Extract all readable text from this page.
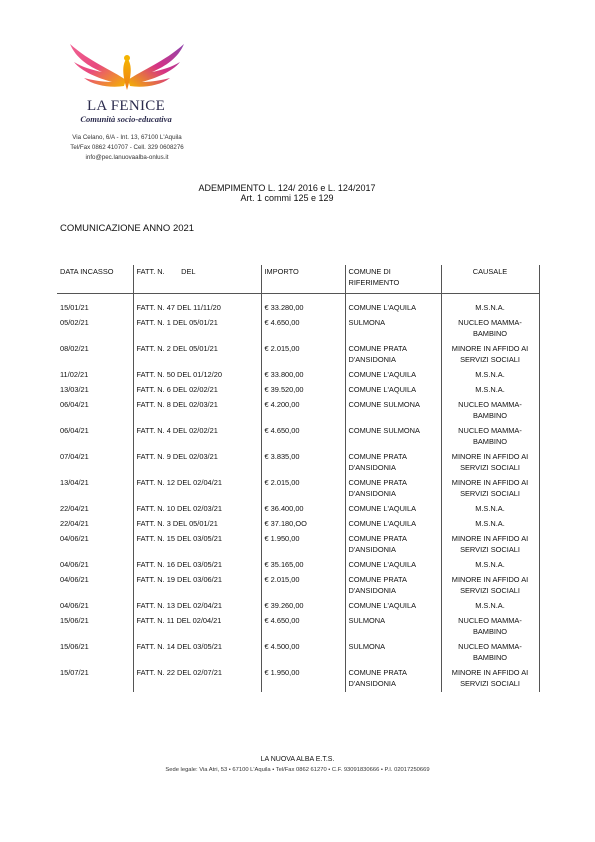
LA FENICE
Comunità socio-educativa
Via Celano, 6/A - Int. 13, 67100 L'Aquila
Tel/Fax 0862 410707 - Cell. 329 0608276
info@pec.lanuovaalba-onlus.it
ADEMPIMENTO L. 124/ 2016 e L. 124/2017
Art. 1 commi 125 e 129
COMUNICAZIONE ANNO 2021
DATA INCASSO	FATT. N.        DEL	IMPORTO	COMUNE DI RIFERIMENTO	CAUSALE

15/01/21	FATT. N. 47 DEL 11/11/20	€ 33.280,00	COMUNE L'AQUILA	M.S.N.A.
05/02/21	FATT. N. 1 DEL 05/01/21	€ 4.650,00	SULMONA	NUCLEO MAMMA-BAMBINO
08/02/21	FATT. N. 2 DEL 05/01/21	€ 2.015,00	COMUNE PRATA D'ANSIDONIA	MINORE IN AFFIDO AI SERVIZI SOCIALI
11/02/21	FATT. N. 50 DEL 01/12/20	€ 33.800,00	COMUNE L'AQUILA	M.S.N.A.
13/03/21	FATT. N. 6 DEL 02/02/21	€ 39.520,00	COMUNE L'AQUILA	M.S.N.A.
06/04/21	FATT. N. 8 DEL 02/03/21	€ 4.200,00	COMUNE SULMONA	NUCLEO MAMMA-BAMBINO
06/04/21	FATT. N. 4 DEL 02/02/21	€ 4.650,00	COMUNE SULMONA	NUCLEO MAMMA-BAMBINO
07/04/21	FATT. N. 9 DEL 02/03/21	€ 3.835,00	COMUNE PRATA D'ANSIDONIA	MINORE IN AFFIDO AI SERVIZI SOCIALI
13/04/21	FATT. N. 12 DEL 02/04/21	€ 2.015,00	COMUNE PRATA D'ANSIDONIA	MINORE IN AFFIDO AI SERVIZI SOCIALI
22/04/21	FATT. N. 10 DEL 02/03/21	€ 36.400,00	COMUNE L'AQUILA	M.S.N.A.
22/04/21	FATT. N. 3 DEL 05/01/21	€ 37.180,OO	COMUNE L'AQUILA	M.S.N.A.
04/06/21	FATT. N. 15 DEL 03/05/21	€ 1.950,00	COMUNE PRATA D'ANSIDONIA	MINORE IN AFFIDO AI SERVIZI SOCIALI
04/06/21	FATT. N. 16 DEL 03/05/21	€ 35.165,00	COMUNE L'AQUILA	M.S.N.A.
04/06/21	FATT. N. 19 DEL 03/06/21	€ 2.015,00	COMUNE PRATA D'ANSIDONIA	MINORE IN AFFIDO AI SERVIZI SOCIALI
04/06/21	FATT. N. 13 DEL 02/04/21	€ 39.260,00	COMUNE L'AQUILA	M.S.N.A.
15/06/21	FATT. N. 11 DEL 02/04/21	€ 4.650,00	SULMONA	NUCLEO MAMMA-BAMBINO
15/06/21	FATT. N. 14 DEL 03/05/21	€ 4.500,00	SULMONA	NUCLEO MAMMA-BAMBINO
15/07/21	FATT. N. 22 DEL 02/07/21	€ 1.950,00	COMUNE PRATA D'ANSIDONIA	MINORE IN AFFIDO AI SERVIZI SOCIALI
LA NUOVA ALBA E.T.S.
Sede legale: Via Atri, 53 • 67100 L'Aquila • Tel/Fax 0862 61270 • C.F. 93091830666 • P.I. 02017250669
